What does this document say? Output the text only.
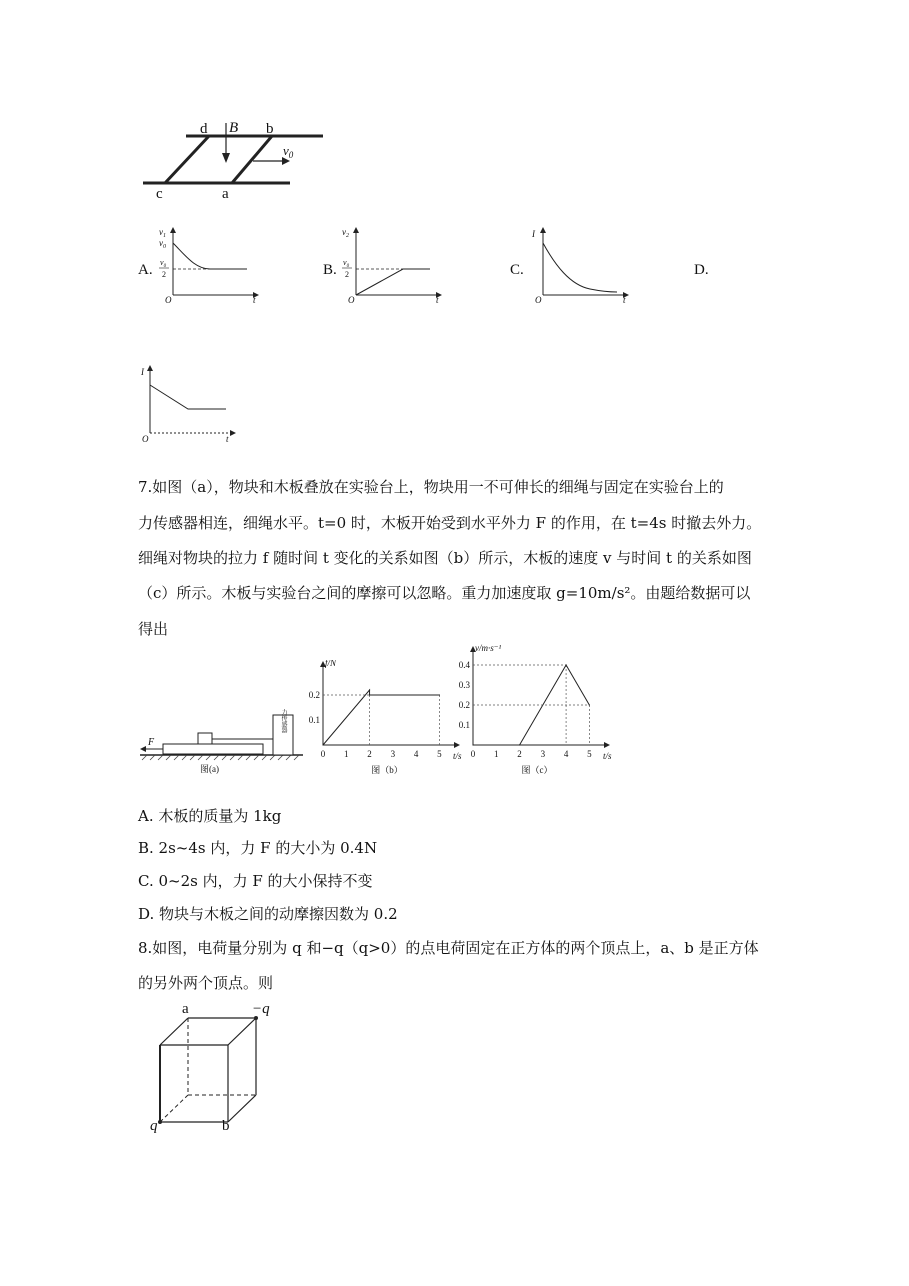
d B b
$v_0$
c	a
A.
$v_1$
$v_0$
$v_0$
2
O	t
B.
$v_2$
$v_0$
2
O	t
C.
I
O	t
D.
I
O	t
7.如图（a），物块和木板叠放在实验台上，物块用一不可伸长的细绳与固定在实验台上的
力传感器相连，细绳水平。t=0 时，木板开始受到水平外力 F 的作用，在 t=4s 时撤去外力。
细绳对物块的拉力 f 随时间 t 变化的关系如图（b）所示，木板的速度 v 与时间 t 的关系如图
（c）所示。木板与实验台之间的摩擦可以忽略。重力加速度取 g=10m/s²。由题给数据可以
得出
力传感器
F
图(a)
0 1 2 3 4 5
0.1
0.2
f/N
t/s
图（b）
0 1 2 3 4 5
0.1
0.2
0.3
0.4
v/m·s⁻¹
t/s
图（c）
A. 木板的质量为 1kg
B. 2s~4s 内，力 F 的大小为 0.4N
C. 0~2s 内，力 F 的大小保持不变
D. 物块与木板之间的动摩擦因数为 0.2
8.如图，电荷量分别为 q 和−q（q>0）的点电荷固定在正方体的两个顶点上，a、b 是正方体
的另外两个顶点。则
a	−q
q	b
